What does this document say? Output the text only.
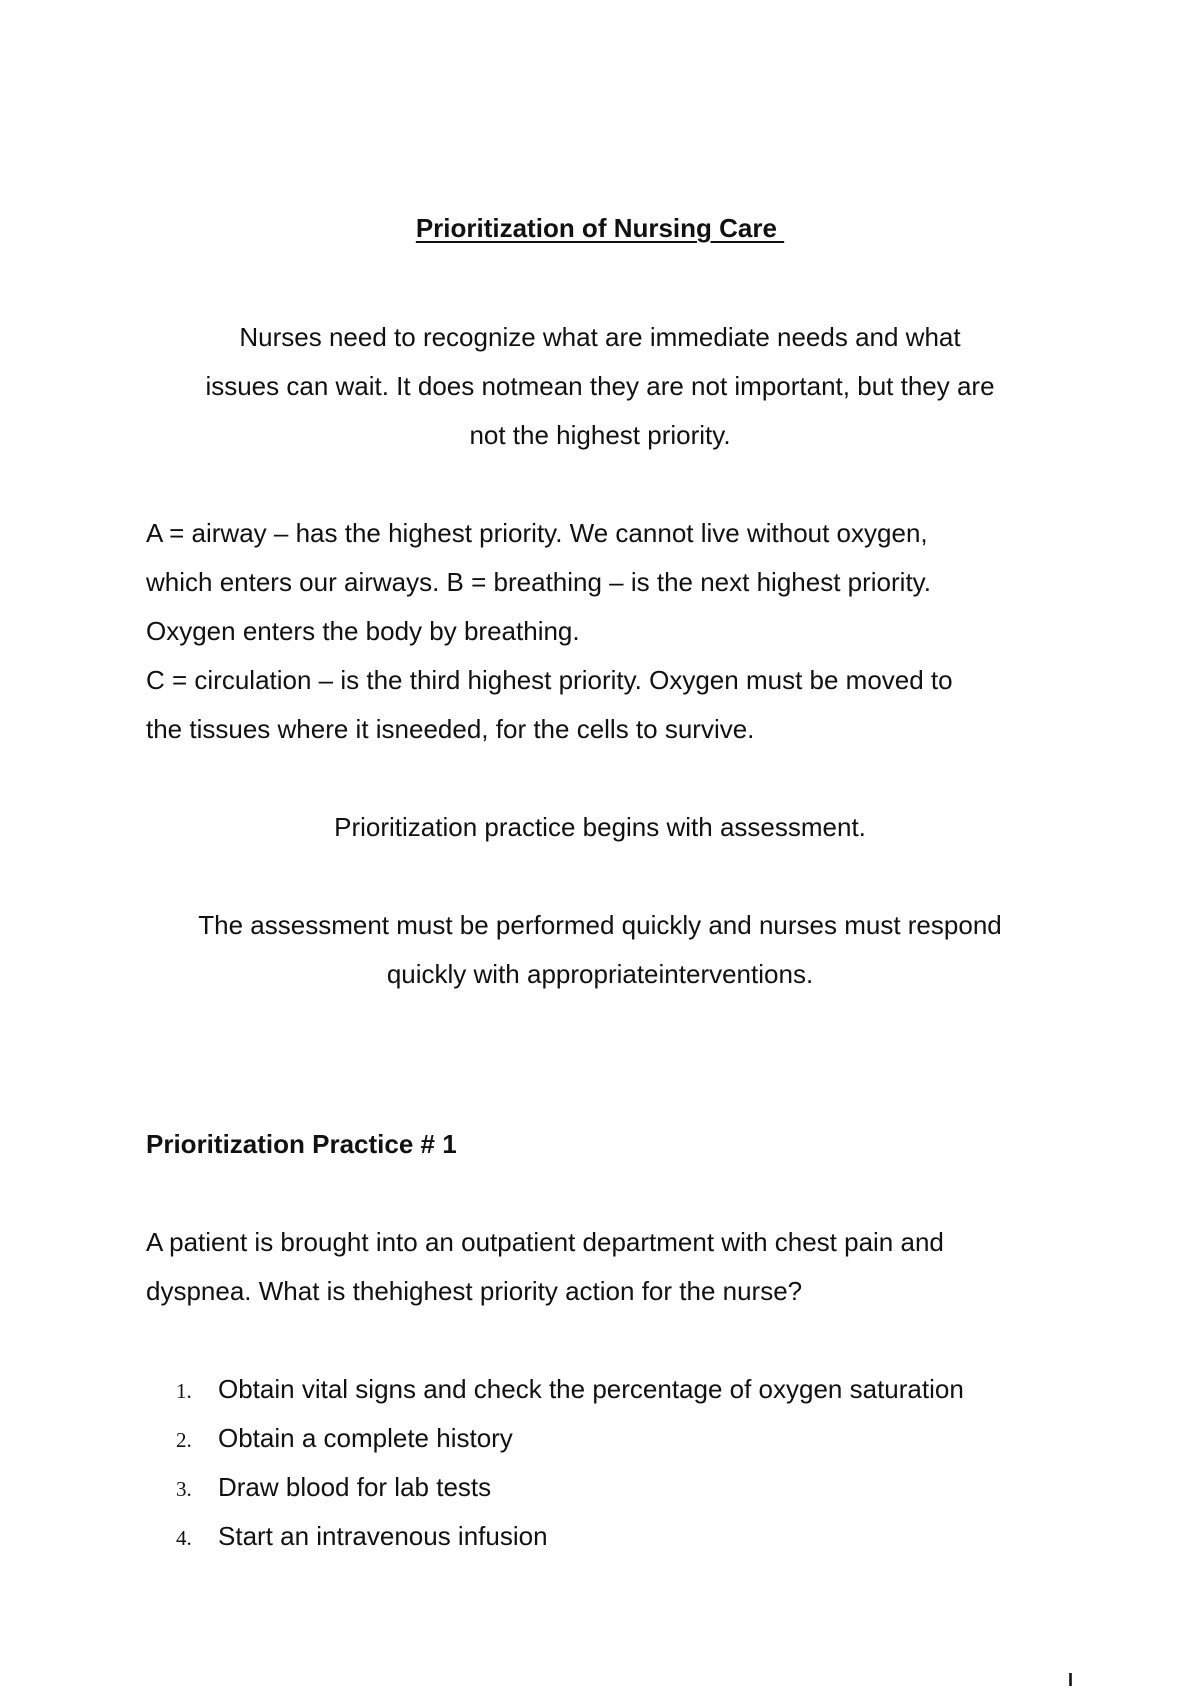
Prioritization of Nursing Care
Nurses need to recognize what are immediate needs and what
issues can wait. It does notmean they are not important, but they are
not the highest priority.
A = airway – has the highest priority. We cannot live without oxygen,
which enters our airways. B = breathing – is the next highest priority.
Oxygen enters the body by breathing.
C = circulation – is the third highest priority. Oxygen must be moved to
the tissues where it isneeded, for the cells to survive.
Prioritization practice begins with assessment.
The assessment must be performed quickly and nurses must respond
quickly with appropriateinterventions.
Prioritization Practice # 1
A patient is brought into an outpatient department with chest pain and
dyspnea. What is thehighest priority action for the nurse?
1. Obtain vital signs and check the percentage of oxygen saturation
2. Obtain a complete history
3. Draw blood for lab tests
4. Start an intravenous infusion
I
